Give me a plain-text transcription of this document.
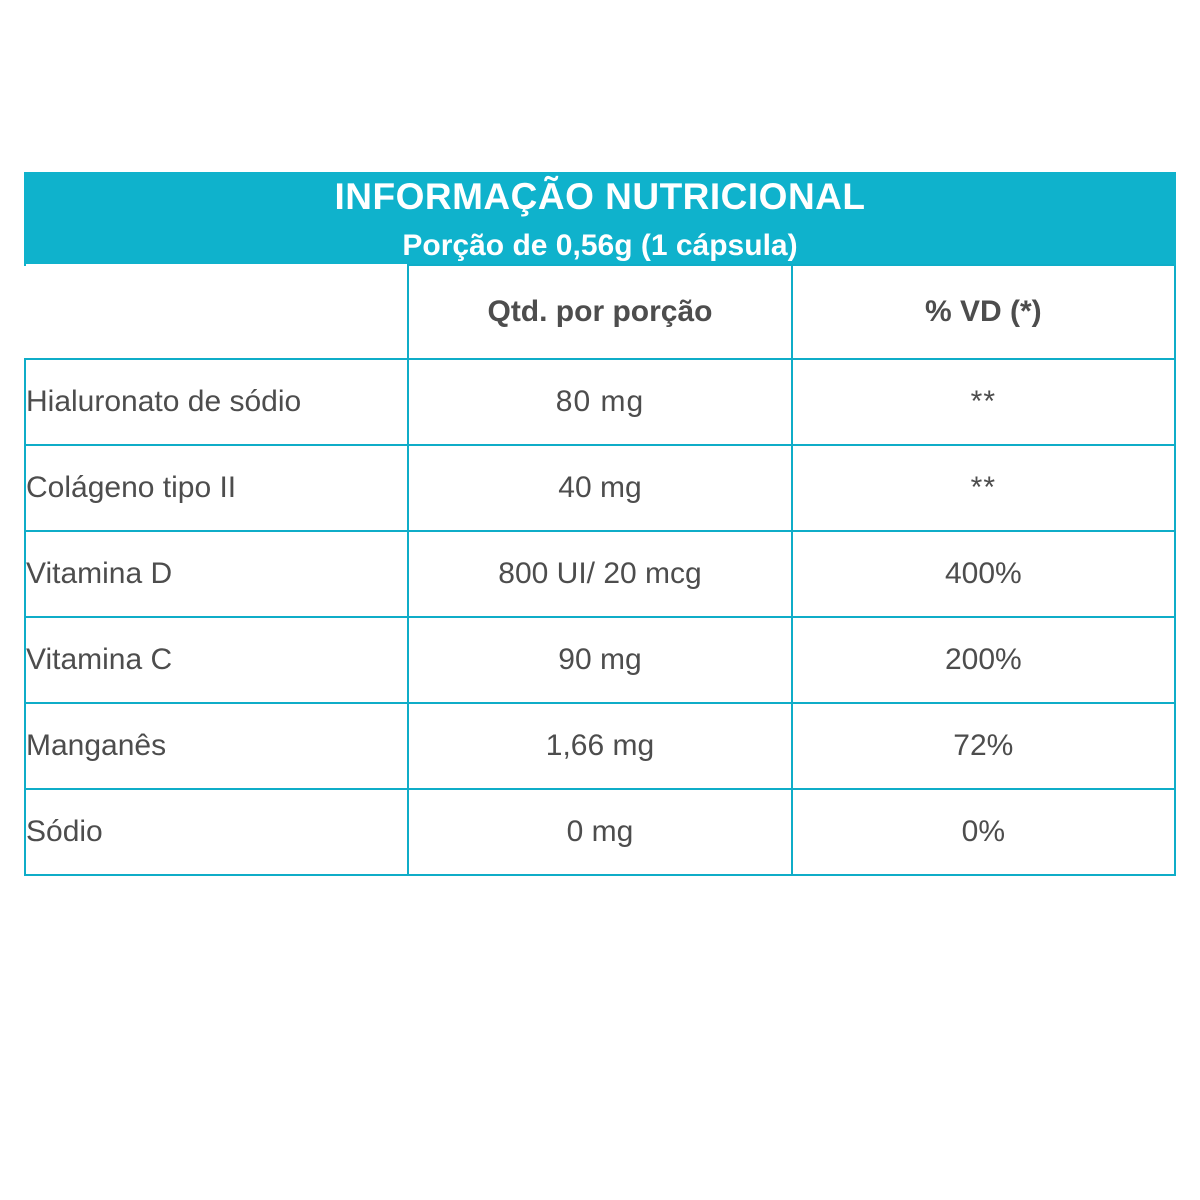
INFORMAÇÃO NUTRICIONAL
Porção de 0,56g (1 cápsula)		

	Qtd. por porção	% VD (*)
Hialuronato de sódio	80 mg	**
Colágeno tipo II	40 mg	**
Vitamina D	800 UI/ 20 mcg	400%
Vitamina C	90 mg	200%
Manganês	1,66 mg	72%
Sódio	0 mg	0%
